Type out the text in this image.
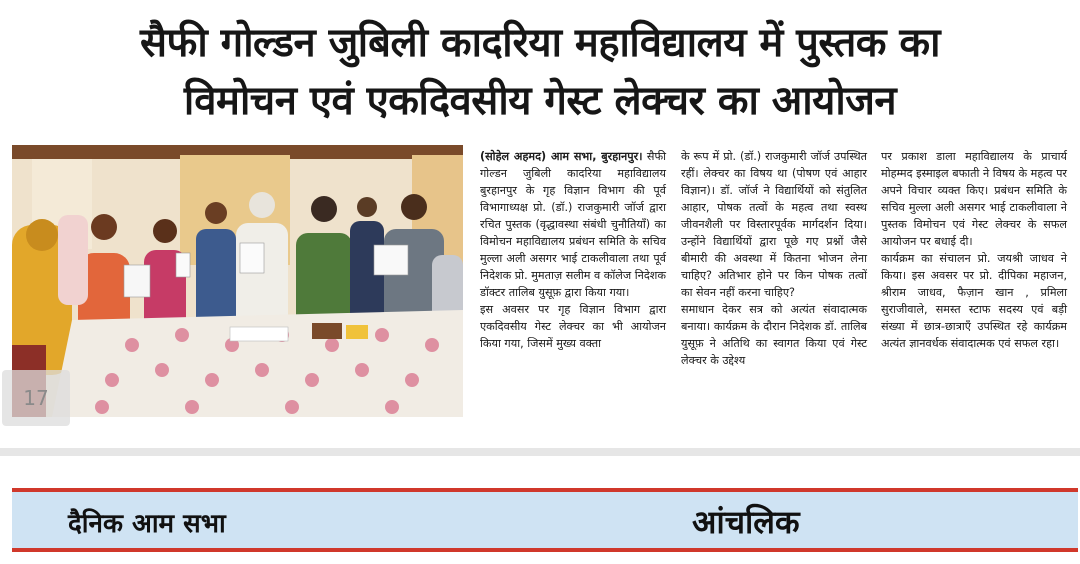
सैफी गोल्डन जुबिली कादरिया महाविद्यालय में पुस्तक का
विमोचन एवं एकदिवसीय गेस्ट लेक्चर का आयोजन
17

(सोहेल अहमद) आम सभा, बुरहानपुर। सैफी गोल्डन जुबिली कादरिया महाविद्यालय बुरहानपुर के गृह विज्ञान विभाग की पूर्व विभागाध्यक्ष प्रो. (डॉ.) राजकुमारी जॉर्ज द्वारा रचित पुस्तक (वृद्धावस्था संबंधी चुनौतियाँ) का विमोचन महाविद्यालय प्रबंधन समिति के सचिव मुल्ला अली असगर भाई टाकलीवाला तथा पूर्व निदेशक प्रो. मुमताज़ सलीम व कॉलेज निदेशक डॉक्टर तालिब युसूफ़ द्वारा किया गया।

इस अवसर पर गृह विज्ञान विभाग द्वारा एकदिवसीय गेस्ट लेक्चर का भी आयोजन किया गया, जिसमें मुख्य वक्ता

के रूप में प्रो. (डॉ.) राजकुमारी जॉर्ज उपस्थित रहीं। लेक्चर का विषय था (पोषण एवं आहार विज्ञान)। डॉ. जॉर्ज ने विद्यार्थियों को संतुलित आहार, पोषक तत्वों के महत्व तथा स्वस्थ जीवनशैली पर विस्तारपूर्वक मार्गदर्शन दिया। उन्होंने विद्यार्थियों द्वारा पूछे गए प्रश्नों जैसे बीमारी की अवस्था में कितना भोजन लेना चाहिए? अतिभार होने पर किन पोषक तत्वों का सेवन नहीं करना चाहिए?

समाधान देकर सत्र को अत्यंत संवादात्मक बनाया। कार्यक्रम के दौरान निदेशक डॉ. तालिब युसूफ़ ने अतिथि का स्वागत किया एवं गेस्ट लेक्चर के उद्देश्य

पर प्रकाश डाला महाविद्यालय के प्राचार्य मोहम्मद इस्माइल बफाती ने विषय के महत्व पर अपने विचार व्यक्त किए। प्रबंधन समिति के सचिव मुल्ला अली असगर भाई टाकलीवाला ने पुस्तक विमोचन एवं गेस्ट लेक्चर के सफल आयोजन पर बधाई दी।

कार्यक्रम का संचालन प्रो. जयश्री जाधव ने किया। इस अवसर पर प्रो. दीपिका महाजन, श्रीराम जाधव, फैज़ान खान , प्रमिला सुराजीवाले, समस्त स्टाफ सदस्य एवं बड़ी संख्या में छात्र-छात्राएँ उपस्थित रहे कार्यक्रम अत्यंत ज्ञानवर्धक संवादात्मक एवं सफल रहा।

दैनिक आम सभा	आंचलिक
